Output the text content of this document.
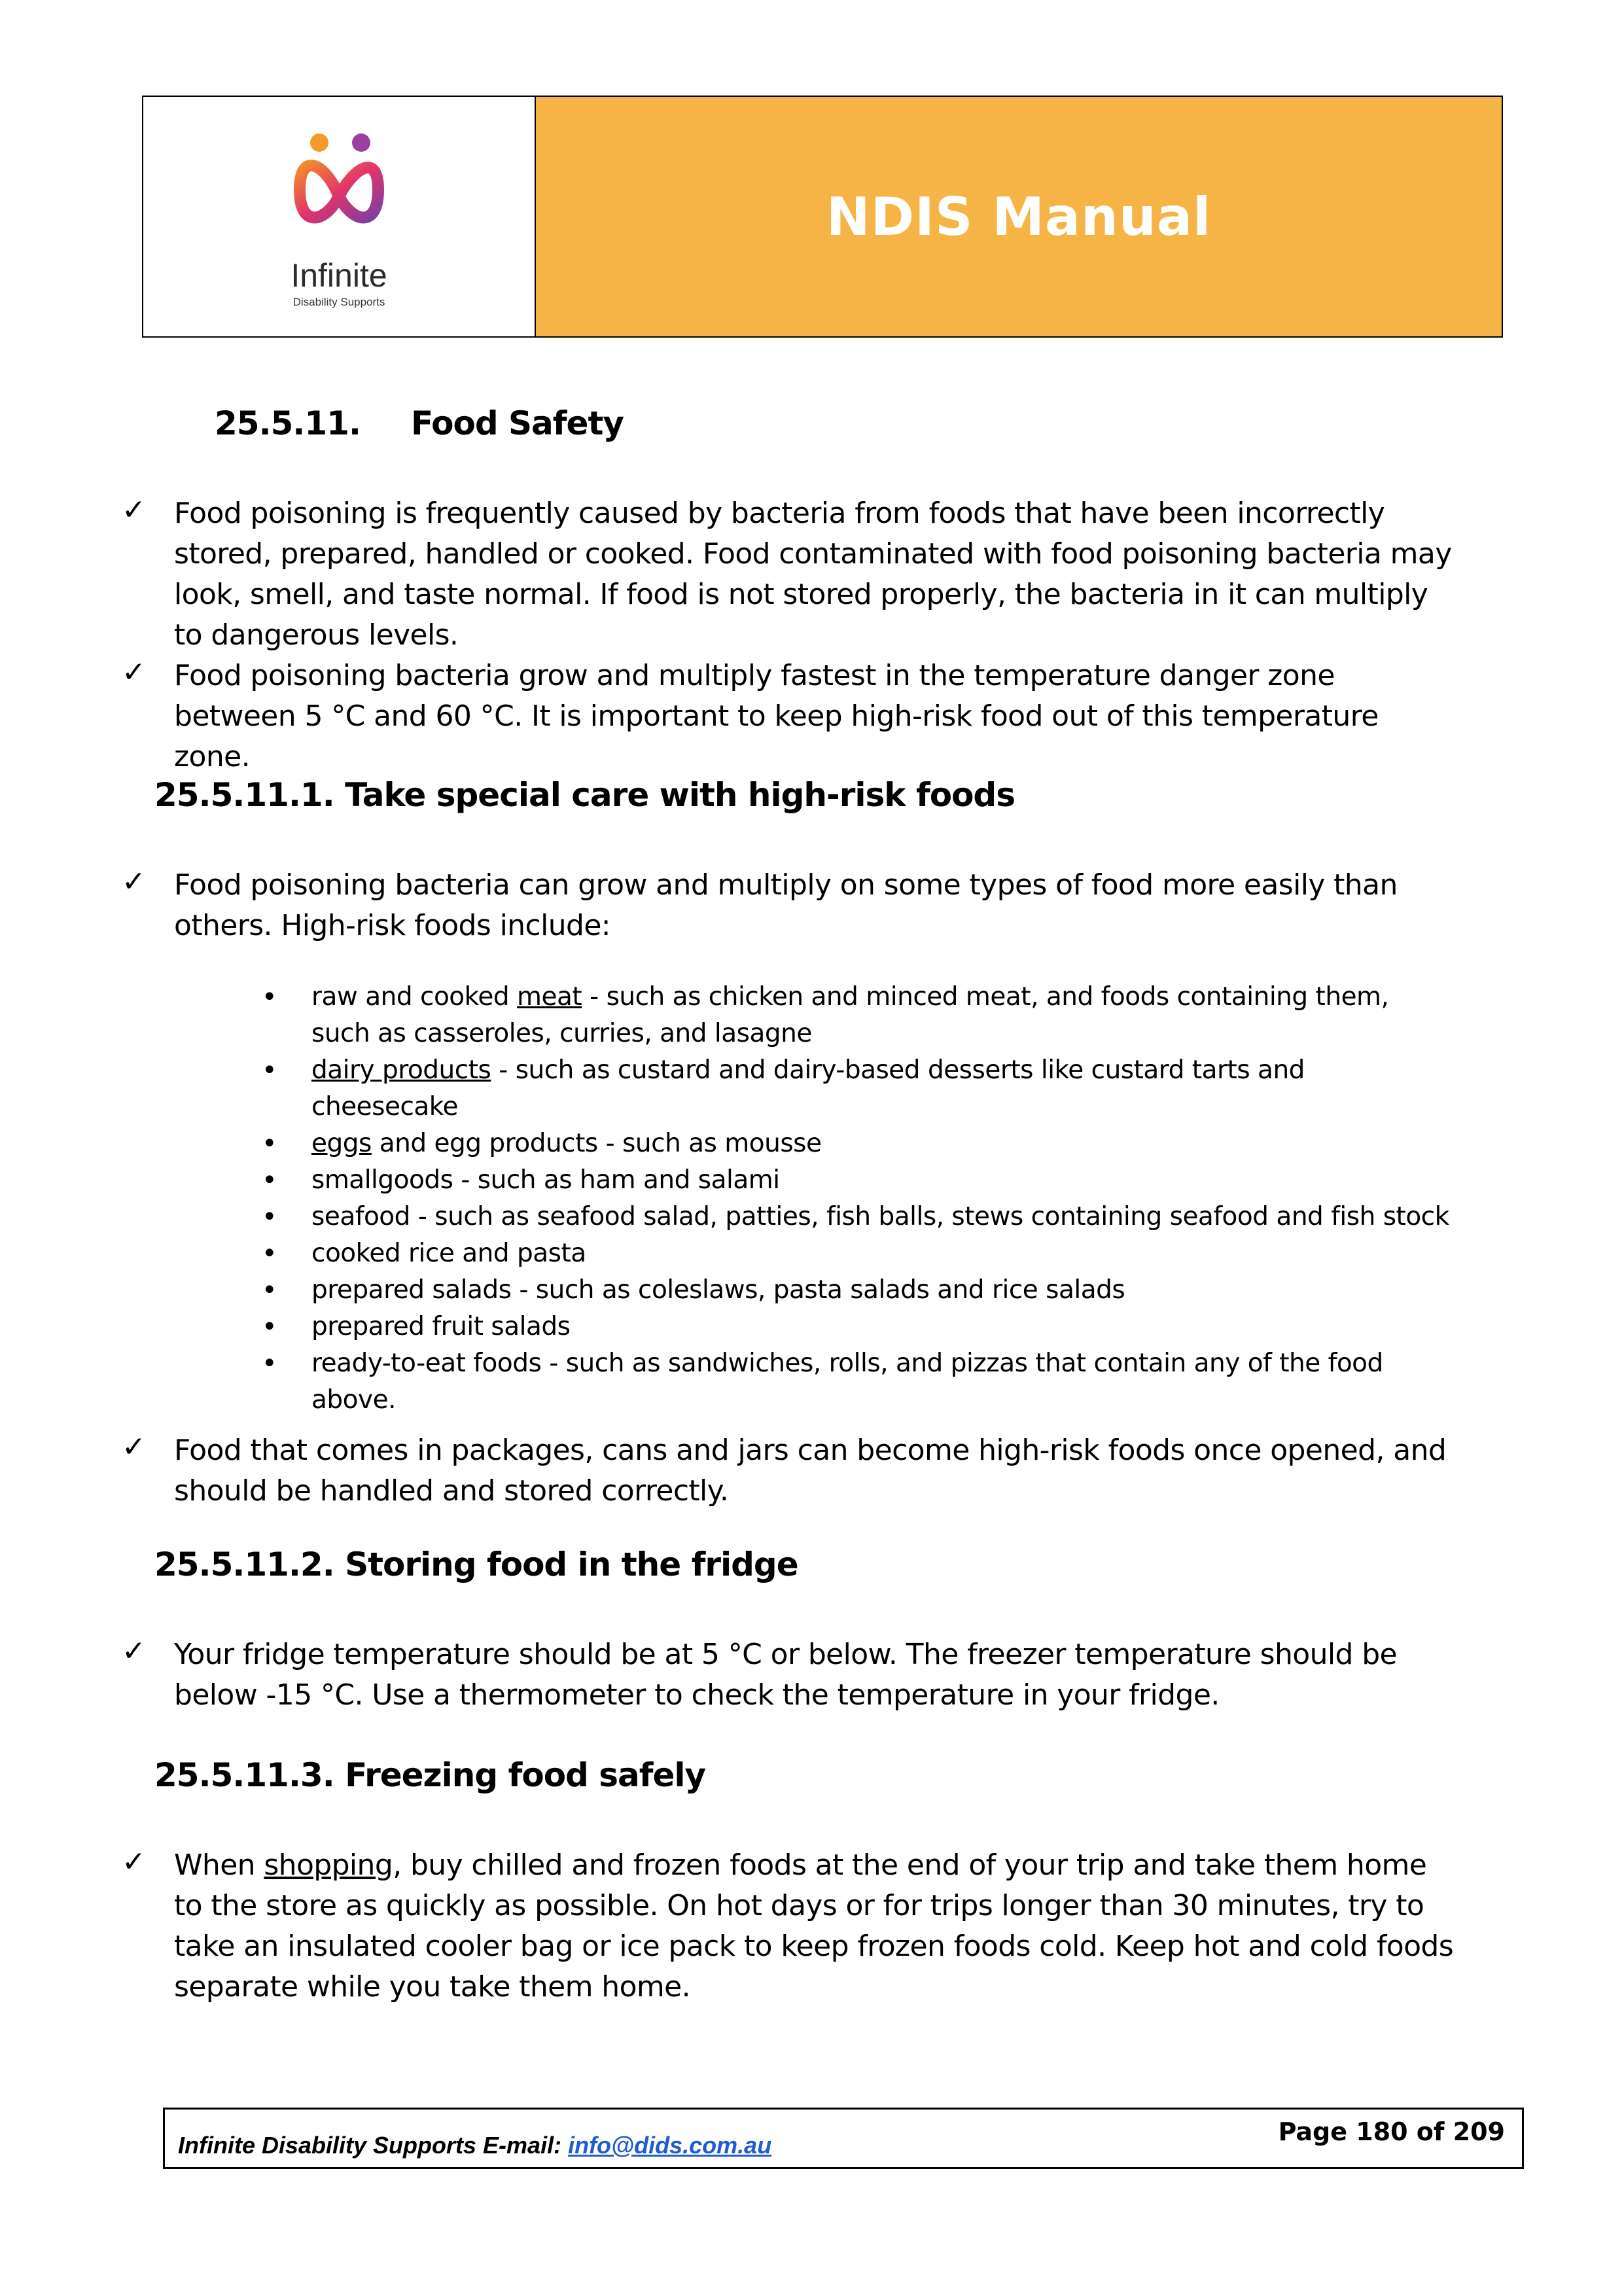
Infinite
Disability Supports
NDIS Manual
25.5.11. Food Safety
✓ Food poisoning is frequently caused by bacteria from foods that have been incorrectly stored, prepared, handled or cooked. Food contaminated with food poisoning bacteria may look, smell, and taste normal. If food is not stored properly, the bacteria in it can multiply to dangerous levels.
✓ Food poisoning bacteria grow and multiply fastest in the temperature danger zone between 5 °C and 60 °C. It is important to keep high-risk food out of this temperature zone.
25.5.11.1. Take special care with high-risk foods
✓ Food poisoning bacteria can grow and multiply on some types of food more easily than others. High-risk foods include:
• raw and cooked meat - such as chicken and minced meat, and foods containing them, such as casseroles, curries, and lasagne
• dairy products - such as custard and dairy-based desserts like custard tarts and cheesecake
• eggs and egg products - such as mousse
• smallgoods - such as ham and salami
• seafood - such as seafood salad, patties, fish balls, stews containing seafood and fish stock
• cooked rice and pasta
• prepared salads - such as coleslaws, pasta salads and rice salads
• prepared fruit salads
• ready-to-eat foods - such as sandwiches, rolls, and pizzas that contain any of the food above.
✓ Food that comes in packages, cans and jars can become high-risk foods once opened, and should be handled and stored correctly.
25.5.11.2. Storing food in the fridge
✓ Your fridge temperature should be at 5 °C or below. The freezer temperature should be below -15 °C. Use a thermometer to check the temperature in your fridge.
25.5.11.3. Freezing food safely
✓ When shopping, buy chilled and frozen foods at the end of your trip and take them home to the store as quickly as possible. On hot days or for trips longer than 30 minutes, try to take an insulated cooler bag or ice pack to keep frozen foods cold. Keep hot and cold foods separate while you take them home.
Infinite Disability Supports E-mail: info@dids.com.au	Page 180 of 209
